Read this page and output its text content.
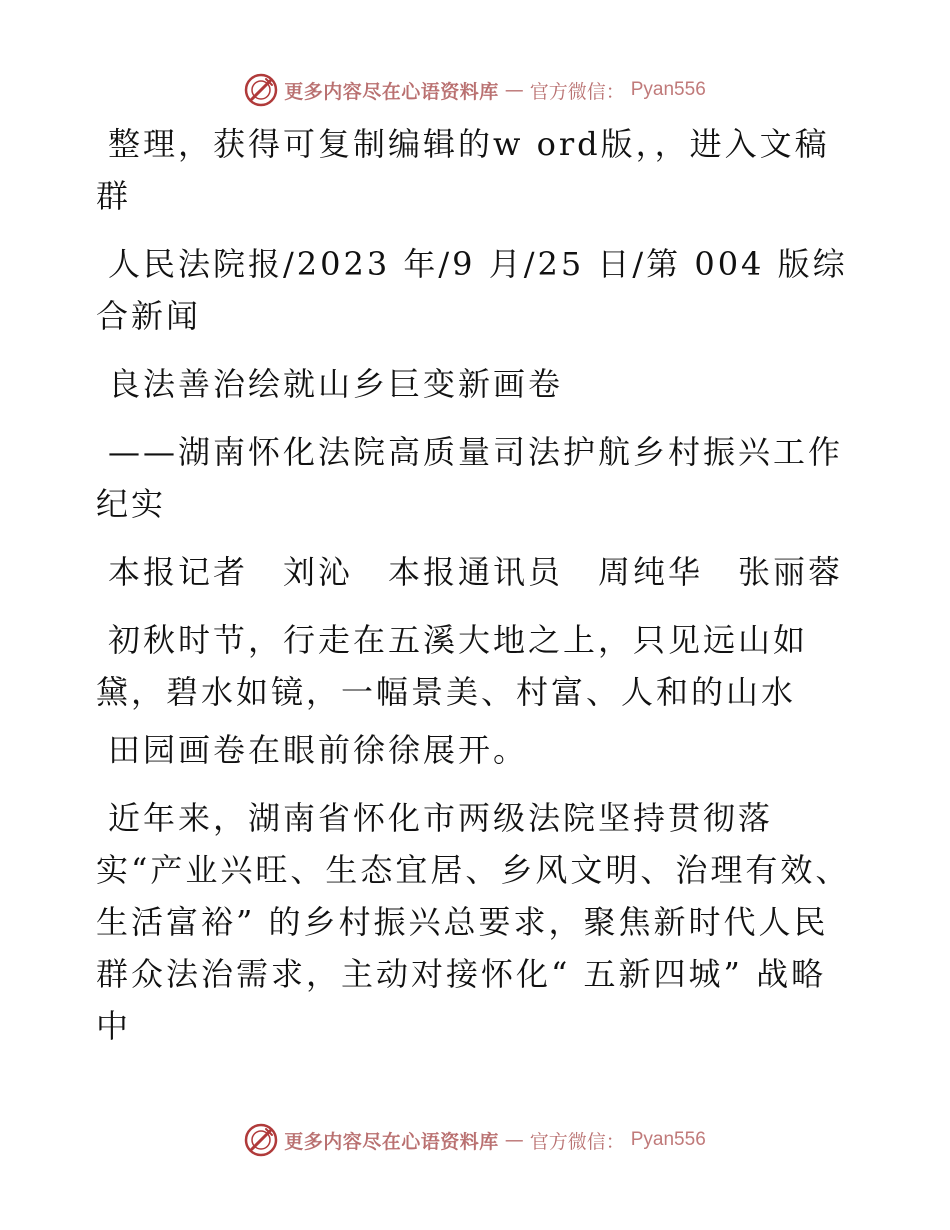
更多内容尽在心语资料库 — 官方微信： Pyan556

整理，获得可复制编辑的w ord版，，进入文稿群

人民法院报/2023 年/9 月/25 日/第 004 版综合新闻

良法善治绘就山乡巨变新画卷

——湖南怀化法院高质量司法护航乡村振兴工作纪实

本报记者　刘沁　本报通讯员　周纯华　张丽蓉

初秋时节，行走在五溪大地之上，只见远山如黛，碧水如镜，一幅景美、村富、人和的山水

田园画卷在眼前徐徐展开。

近年来，湖南省怀化市两级法院坚持贯彻落实“产业兴旺、生态宜居、乡风文明、治理有效、生活富裕” 的乡村振兴总要求，聚焦新时代人民群众法治需求，主动对接怀化“ 五新四城” 战略中

更多内容尽在心语资料库 — 官方微信： Pyan556
